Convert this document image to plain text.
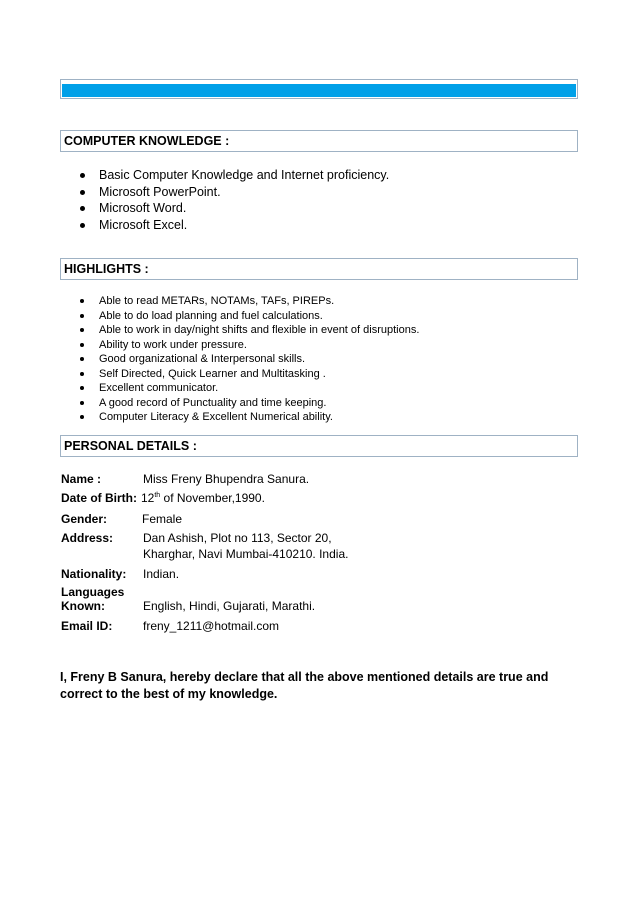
COMPUTER KNOWLEDGE :
Basic Computer Knowledge and Internet proficiency.
Microsoft PowerPoint.
Microsoft Word.
Microsoft Excel.
HIGHLIGHTS :
Able to read METARs, NOTAMs, TAFs, PIREPs.
Able to do load planning and fuel calculations.
Able to work in day/night shifts and flexible in event of disruptions.
Ability to work under pressure.
Good organizational & Interpersonal skills.
Self Directed, Quick Learner and Multitasking .
Excellent communicator.
A good record of Punctuality and time keeping.
Computer Literacy & Excellent Numerical ability.
PERSONAL DETAILS :
Name :	Miss Freny Bhupendra Sanura.
Date of Birth: 12th of November,1990.
Gender:	Female
Address: Dan Ashish, Plot no 113, Sector 20,
Kharghar, Navi Mumbai-410210. India.
Nationality: Indian.
Languages
Known:	English, Hindi, Gujarati, Marathi.
Email ID:	freny_1211@hotmail.com
I, Freny B Sanura, hereby declare that all the above mentioned details are true and correct to the best of my knowledge.
